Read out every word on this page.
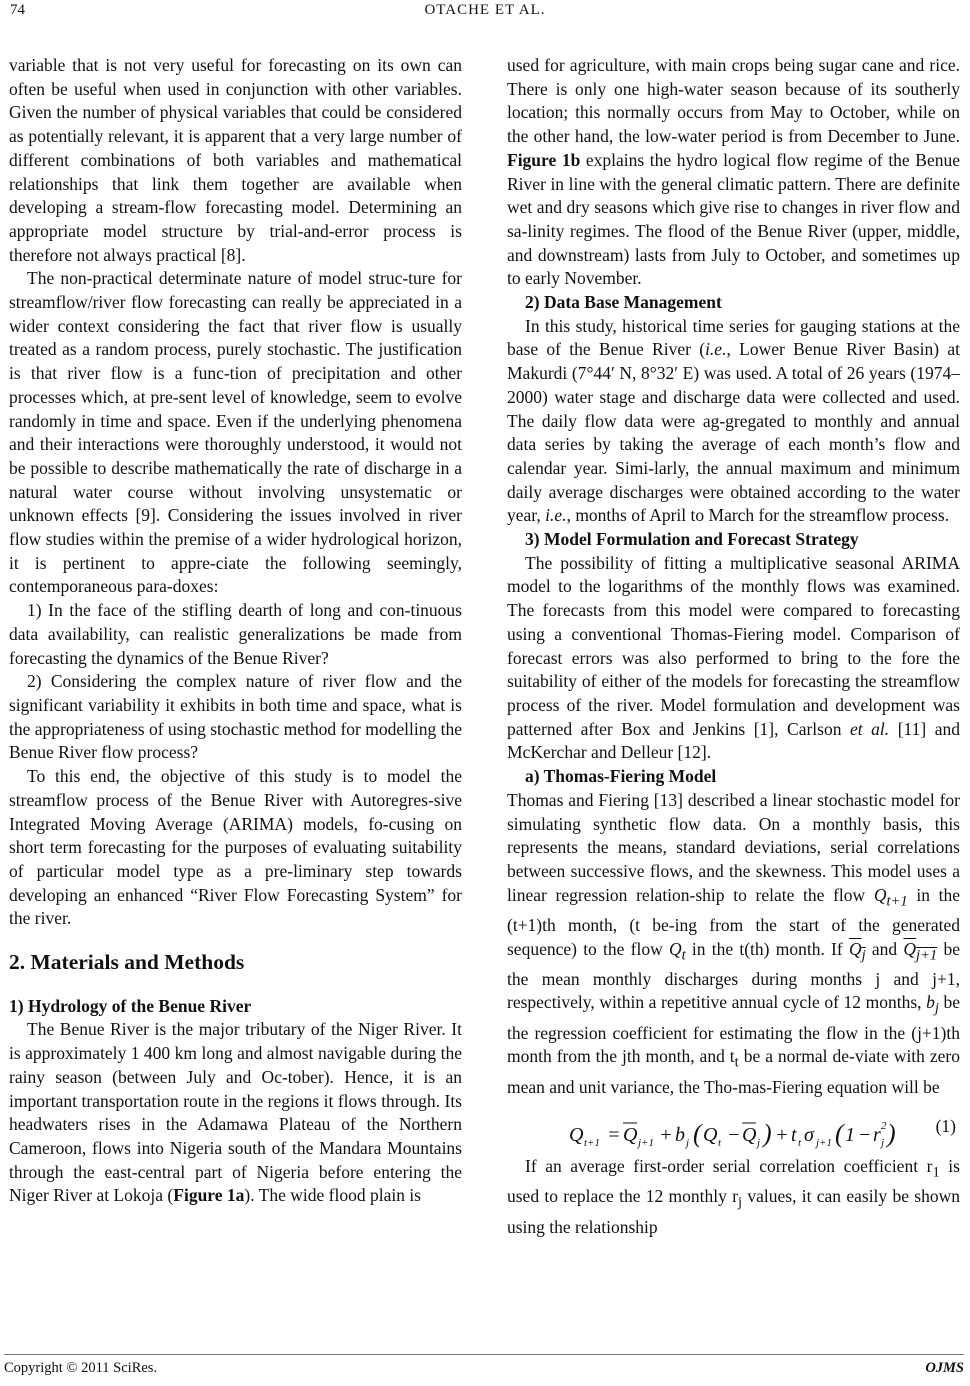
74	OTACHE ET AL.

variable that is not very useful for forecasting on its own can often be useful when used in conjunction with other variables. Given the number of physical variables that could be considered as potentially relevant, it is apparent that a very large number of different combinations of both variables and mathematical relationships that link them together are available when developing a stream-flow forecasting model. Determining an appropriate model structure by trial-and-error process is therefore not always practical [8].

The non-practical determinate nature of model struc-ture for streamflow/river flow forecasting can really be appreciated in a wider context considering the fact that river flow is usually treated as a random process, purely stochastic. The justification is that river flow is a func-tion of precipitation and other processes which, at pre-sent level of knowledge, seem to evolve randomly in time and space. Even if the underlying phenomena and their interactions were thoroughly understood, it would not be possible to describe mathematically the rate of discharge in a natural water course without involving unsystematic or unknown effects [9]. Considering the issues involved in river flow studies within the premise of a wider hydrological horizon, it is pertinent to appre-ciate the following seemingly, contemporaneous para-doxes:

1) In the face of the stifling dearth of long and con-tinuous data availability, can realistic generalizations be made from forecasting the dynamics of the Benue River?

2) Considering the complex nature of river flow and the significant variability it exhibits in both time and space, what is the appropriateness of using stochastic method for modelling the Benue River flow process?

To this end, the objective of this study is to model the streamflow process of the Benue River with Autoregres-sive Integrated Moving Average (ARIMA) models, fo-cusing on short term forecasting for the purposes of evaluating suitability of particular model type as a pre-liminary step towards developing an enhanced “River Flow Forecasting System” for the river.

2. Materials and Methods
1) Hydrology of the Benue River

The Benue River is the major tributary of the Niger River. It is approximately 1 400 km long and almost navigable during the rainy season (between July and Oc-tober). Hence, it is an important transportation route in the regions it flows through. Its headwaters rises in the Adamawa Plateau of the Northern Cameroon, flows into Nigeria south of the Mandara Mountains through the east-central part of Nigeria before entering the Niger River at Lokoja (Figure 1a). The wide flood plain is

used for agriculture, with main crops being sugar cane and rice. There is only one high-water season because of its southerly location; this normally occurs from May to October, while on the other hand, the low-water period is from December to June. Figure 1b explains the hydro logical flow regime of the Benue River in line with the general climatic pattern. There are definite wet and dry seasons which give rise to changes in river flow and sa-linity regimes. The flood of the Benue River (upper, middle, and downstream) lasts from July to October, and sometimes up to early November.

2) Data Base Management

In this study, historical time series for gauging stations at the base of the Benue River (i.e., Lower Benue River Basin) at Makurdi (7°44′ N, 8°32′ E) was used. A total of 26 years (1974–2000) water stage and discharge data were collected and used. The daily flow data were ag-gregated to monthly and annual data series by taking the average of each month’s flow and calendar year. Simi-larly, the annual maximum and minimum daily average discharges were obtained according to the water year, i.e., months of April to March for the streamflow process.

3) Model Formulation and Forecast Strategy

The possibility of fitting a multiplicative seasonal ARIMA model to the logarithms of the monthly flows was examined. The forecasts from this model were compared to forecasting using a conventional Thomas-Fiering model. Comparison of forecast errors was also performed to bring to the fore the suitability of either of the models for forecasting the streamflow process of the river. Model formulation and development was patterned after Box and Jenkins [1], Carlson et al. [11] and McKerchar and Delleur [12].

a) Thomas-Fiering Model

Thomas and Fiering [13] described a linear stochastic model for simulating synthetic flow data. On a monthly basis, this represents the means, standard deviations, serial correlations between successive flows, and the skewness. This model uses a linear regression relation-ship to relate the flow $Q_{t+1}$ in the (t+1)th month, (t be-ing from the start of the generated sequence) to the flow $Q_t$ in the t(th) month. If $Q_j$ and $Q_{j+1}$ be the mean monthly discharges during months j and j+1, respectively, within a repetitive annual cycle of 12 months, $b_j$ be the regression coefficient for estimating the flow in the (j+1)th month from the jth month, and $t_t$ be a normal de-viate with zero mean and unit variance, the Tho-mas-Fiering equation will be

Q t+1 = Q j+1 + b j ( Q t − Q j ) + t t σ j+1 ( 1 − r j
2 ) (1)

If an average first-order serial correlation coefficient $r_1$ is used to replace the 12 monthly $r_j$ values, it can easily be shown using the relationship

Copyright © 2011 SciRes.	OJMS
